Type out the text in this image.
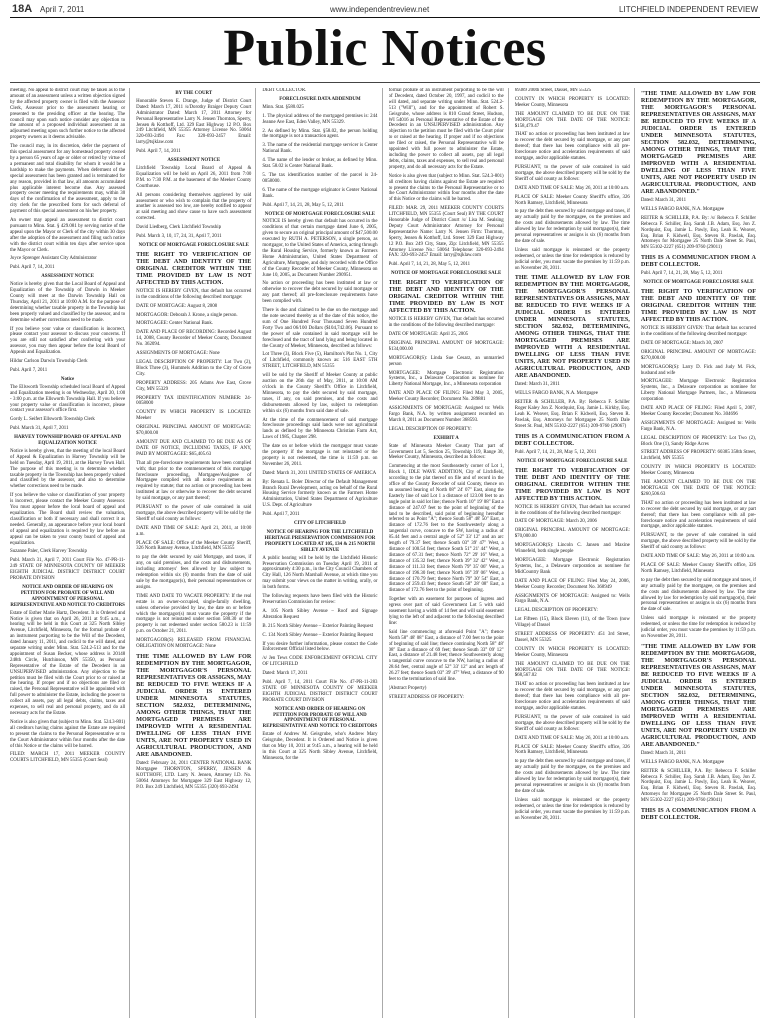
18A April 7, 2011	www.independentreview.net	LITCHFIELD INDEPENDENT REVIEW
Public Notices

meeting. No appeal to district court may be taken as to the amount of an assessment unless a written objection signed by the affected property owner is filed with the Assessor Clerk, Assessor prior to the assessment hearing or presented to the presiding officer at the hearing. The council may upon such notice consider any objection to the amount of a proposed individual assessment at an adjourned meeting upon such further notice to the affected property owners as it deems advisable.

The council may, in its discretion, defer the payment of this special assessment for any homestead property owned by a person 65 years of age or older or retired by virtue of a permanent and total disability for whom it would be a hardship to make the payments. When deferment of the special assessment has been granted and is terminated for any reason, provided in that law, all amounts accumulated plus applicable interest become due. Any assessed property owner meeting the requirements may, within 30 days of the confirmation of the assessment, apply to the city clerk for the prescribed form for such deferral of payment of this special assessment on his/her property.

An owner may appeal an assessment to district court pursuant to Minn. Stat. § 429.081 by serving notice of the appeal upon the Mayor or Clerk of the city within 30 days after the adoption of the assessment and filing such notice with the district court within ten days after service upon the Mayor or Clerk.

Joyce Sprenger Assistant City Administrator

Publ. April 7, 14, 2011

ASSESSMENT NOTICE

Notice is hereby given that the Local Board of Appeal and Equalization of the Township of Darwin in Meeker County will meet at the Darwin Township Hall on Thursday, April 21, 2011 at 10:00 A.M. for the purpose of determining whether taxable property in the Township has been properly valued and classified by the assessor, and to determine whether corrections need to be made.

If you believe your value or classification is incorrect, please contact your assessor to discuss your concerns. If you are still not satisfied after conferring with your assessor, you may then appear before the local Board of Appeals and Equalization.

Hildur Carlson Darwin Township Clerk

Publ. April 7, 2011

Notice

The Ellsworth Township scheduled local Board of Appeal and Equalization meeting is on Wednesday, April 20, 1:00 - 3:00 p.m. at the Ellsworth Township Hall. If you believe your property value or classification is incorrect, please contact your assessor's office first.

Gordy L. Seifert Ellsworth Township Clerk

Publ. March 31, April 7, 2011

HARVEY TOWNSHIP BOARD OF APPEAL AND EQUALIZATION NOTICE

Notice is hereby given, that the meeting of the local Board of Appeal & Equalization in Harvey Township will be held on Tuesday, April 19, 2011, at the Harvey Town Hall. The purpose of this meeting is to determine whether taxable property in the Township has been properly valued and classified by the assessor, and also to determine whether corrections need to be made.

If you believe the value or classification of your property is incorrect, please contact the Meeker County Assessor. You must appear before the local board of appeal and equalization. The Board shall review the valuation, classification or both if necessary and shall correct it as needed. Generally, an appearance before your local board of appeal and equalization is required by law before an appeal can be taken to your county board of appeal and equalization.

Suzanne Paler, Clerk Harvey Township

Publ. March 31, April 7, 2011 Court File No. 47-PR-11-249 STATE OF MINNESOTA COUNTY OF MEEKER EIGHTH JUDICIAL DISTRICT DISTRICT COURT PROBATE DIVISION

NOTICE AND ORDER OF HEARING ON PETITION FOR PROBATE OF WILL AND APPOINTMENT OF PERSONAL REPRESENTATIVE AND NOTICE TO CREDITORS

Estate of Esther Marie Hartz, Decedent. It is Ordered and Notice is given that on April 26, 2011 at 9:45 a.m., a hearing will be held in this Court at 325 North Sibley Avenue, Litchfield, Minnesota, for the formal probate of an instrument purporting to be the Will of the Decedent, dated January 11, 2011, and codicil to the will dated, and separate writing under Minn. Stat. 524.2-513 and for the appointment of Susan Becker, whose address is 20148 248th Circle, Hutchinson, MN 55350, as Personal Representative of the Estate of the Decedent in an UNSUPERVISED administration. Any objection to the petition must be filed with the Court prior to or raised at the hearing. If proper and if no objections are filed or raised, the Personal Representative will be appointed with full power to administer the Estate, including the power to collect all assets, pay all legal debts, claims, taxes and expenses, to sell real and personal property, and do all necessary acts for the Estate.

Notice is also given that (subject to Minn. Stat. 524.3-801) all creditors having claims against the Estate are required to present the claims to the Personal Representative or to the Court Administrator within four months after the date of this Notice or the claims will be barred.

FILED: MARCH 17, 2011 MEEKER COUNTY COURTS LITCHFIELD, MN 55355 (Court Seal)

BY THE COURT

Honorable Steven E. Drange, Judge of District Court Dated: March 17, 2011 /s/Dorothy Braiger Deputy Court Administrator Dated: March 17, 2011 Attorney for Personal Representative Larry N. Jensen Thornton, Sperry, Jensen & Kotthoff, Ltd. 329 East Highway 12 P.O. Box 249 Litchfield, MN 55355 Attorney License No. 50064 320-693-2494 Fax: 320-693-2457 Email: larry@tsjklaw.com

Publ. April 7, 14, 2011

ASSESSMENT NOTICE

Litchfield Township Local Board of Appeal & Equalization will be held on April 26, 2011 from 7:00 P.M. to 7:30 P.M. at the basement of the Meeker County Courthouse.

All persons considering themselves aggrieved by said assessment or who wish to complain that the property of another is assessed too low, are hereby notified to appear at said meeting and show cause to have such assessment corrected.

David Liedberg, Clerk Litchfield Township

Publ. March 3, 10, 17, 24, 31, April 7, 2011

NOTICE OF MORTGAGE FORECLOSURE SALE

THE RIGHT TO VERIFICATION OF THE DEBT AND IDENTITY OF THE ORIGINAL CREDITOR WITHIN THE TIME PROVIDED BY LAW IS NOT AFFECTED BY THIS ACTION.

NOTICE IS HEREBY GIVEN, that default has occurred in the conditions of the following described mortgage:

DATE OF MORTGAGE: August 8, 2008

MORTGAGOR: Deborah J. Krone, a single person.

MORTGAGEE: Center National Bank.

DATE AND PLACE OF RECORDING: Recorded August 14, 2008, County Recorder of Meeker County, Document No. 362094.

ASSIGNMENTS OF MORTGAGE: None

LEGAL DESCRIPTION OF PROPERTY: Lot Two (2), Block Three (3), Hummels Addition to the City of Grove City.

PROPERTY ADDRESS: 205 Adams Ave East, Grove City, MN 55329

PROPERTY TAX IDENTIFICATION NUMBER: 24-0058000

COUNTY IN WHICH PROPERTY IS LOCATED: Meeker

ORIGINAL PRINCIPAL AMOUNT OF MORTGAGE: $70,000.00

AMOUNT DUE AND CLAIMED TO BE DUE AS OF DATE OF NOTICE, INCLUDING TAXES, IF ANY, PAID BY MORTGAGEE: $65,405.63

That all pre-foreclosure requirements have been complied with; that prior to the commencement of this mortgage foreclosure proceeding, Mortgagee/Assignee of Mortgagee complied with all notice requirements as required by statute; that no action or proceeding has been instituted at law or otherwise to recover the debt secured by said mortgage, or any part thereof;

PURSUANT to the power of sale contained in said mortgage, the above described property will be sold by the Sheriff of said county as follows:

DATE AND TIME OF SALE: April 21, 2011, at 10:00 a.m.

PLACE OF SALE: Office of the Meeker County Sheriff, 326 North Ramsey Avenue, Litchfield, MN 55355

to pay the debt secured by said Mortgage, and taxes, if any, on said premises, and the costs and disbursements, including attorneys' fees allowed by law subject to redemption within six (6) months from the date of said sale by the mortgagor(s), their personal representatives or assigns.

TIME AND DATE TO VACATE PROPERTY: If the real estate is an owner-occupied, single-family dwelling, unless otherwise provided by law, the date on or before which the mortgagor(s) must vacate the property if the mortgage is not reinstated under section 580.30 or the property is not redeemed under section 580.23 is 11:59 p.m. on October 21, 2011.

MORTGAGOR(S) RELEASED FROM FINANCIAL OBLIGATION ON MORTGAGE: None

THE TIME ALLOWED BY LAW FOR REDEMPTION BY THE MORTGAGOR, THE MORTGAGOR'S PERSONAL REPRESENTATIVES OR ASSIGNS, MAY BE REDUCED TO FIVE WEEKS IF A JUDICIAL ORDER IS ENTERED UNDER MINNESOTA STATUTES, SECTION 582.032, DETERMINING, AMONG OTHER THINGS, THAT THE MORTGAGED PREMISES ARE IMPROVED WITH A RESIDENTIAL DWELLING OF LESS THAN FIVE UNITS, ARE NOT PROPERTY USED IN AGRICULTURAL PRODUCTION, AND ARE ABANDONED.

Dated: February 24, 2011 CENTER NATIONAL BANK Mortgagee THORNTON, SPERRY, JENSEN & KOTTHOFF, LTD. Larry N. Jensen, Attorney I.D. No. 50064 Attorneys for Mortgagee 329 East Highway 12, P.O. Box 249 Litchfield, MN 55355 (320) 693-2494

DEBT COLLECTOR.

FORECLOSURE DATA ADDENDUM

Minn. Stat. §580.025

1. The physical address of the mortgaged premises is: 244 Jeanne Ave East, Eden Valley, MN 55329.

2. As defined by Minn. Stat. §58.02, the person holding the mortgage is not a transaction agent.

3. The name of the residential mortgage servicer is Center National Bank.

4. The name of the lender or broker, as defined by Minn. Stat. 58.02 is Center National Bank.

5. The tax identification number of the parcel is 24-0058000.

6. The name of the mortgage originator is Center National Bank.

Publ. April 7, 14, 21, 28, May 5, 12, 2011

NOTICE OF MORTGAGE FORECLOSURE SALE

NOTICE IS hereby given that default has occurred in the conditions of that certain mortgage dated June 6, 2005, given to secure an original principal amount of $47,500.00 executed by RUTH A. PETERSON, a single person, as mortgagor, to the United States of America, acting through the Rural Housing Service, formerly known as Farmers Home Administration, United States Department of Agriculture, Mortgagee, and duly recorded with the Office of the County Recorder of Meeker County, Minnesota on June 10, 2005, as Document Number 290951.

No action or proceeding has been instituted at law or otherwise to recover the debt secured by said mortgage or any part thereof; all pre-foreclosure requirements have been complied with.

There is due and claimed to be due on the mortgage and the note secured thereby as of the date of this notice, the sum of One Hundred Four Thousand Seven Hundred Forty Two and 06/100 Dollars ($104,742.06). Pursuant to the power of sale contained in said mortgage will be foreclosed and the tract of land lying and being located in the County of Meeker, Minnesota, described as follows:

Lot Three (3), Block Five (5), Hamilton's Plat No. 1, City of Litchfield, commonly known as: 516 EAST 5TH STREET, LITCHFIELD, MN 55355

will be sold by the Sheriff of Meeker County at public auction on the 26th day of May, 2011, at 10:00 AM o'clock in the County Sheriff's Office in Litchfield, Minnesota, to pay the debt secured by said mortgage, taxes, if any, on said premises, and the costs and disbursements allowed by law, subject to redemption within six (6) months from said date of sale.

At the time of the commencement of said mortgage foreclosure proceedings said lands were not agricultural lands as defined by the Minnesota Christian Farm Act, Laws of 1985, Chapter 298.

The date on or before which the mortgagor must vacate the property if the mortgage is not reinstated or the property is not redeemed, the time is 11:59 p.m. on November 26, 2011.

Dated: March 31, 2011 UNITED STATES OF AMERICA

By: Renata L. Boler Director of the Default Management Branch Rural Development, acting on behalf of the Rural Housing Service formerly known as the Farmers Home Administration, United States Department of Agriculture U.S. Dept. of Agriculture

Publ. April 7, 2011

CITY OF LITCHFIELD
NOTICE OF HEARING FOR THE LITCHFIELD HERITAGE PRESERVATION COMMISSION FOR PROPERTY LOCATED AT 105, 134 & 215 NORTH SIBLEY AVENUE

A public hearing will be held by the Litchfield Historic Preservation Commission on Tuesday April 19, 2011 at approximately 4:30 p.m., in the City Council Chambers of City Hall, 126 North Marshall Avenue, at which time you may submit your views on the matter in writing, orally, or in both forms.

The following requests have been filed with the Historic Preservation Commission for review:

A. 105 North Sibley Avenue – Roof and Signage Alteration Request

B. 215 North Sibley Avenue – Exterior Painting Request

C. 134 North Sibley Avenue – Exterior Painting Request

If you desire further information, please contact the Code Enforcement Official listed below.

/s/ Jen Tews CODE ENFORCEMENT OFFICIAL CITY OF LITCHFIELD

Dated: March 17, 2011

Publ. April 7, 14, 2011 Court File No. 47-PR-11-283 STATE OF MINNESOTA COUNTY OF MEEKER EIGHTH JUDICIAL DISTRICT DISTRICT COURT PROBATE COURT DIVISION

NOTICE AND ORDER OF HEARING ON PETITION FOR PROBATE OF WILL AND APPOINTMENT OF PERSONAL REPRESENTATIVE AND NOTICE TO CREDITORS

Estate of Andrew M. Geisgrube, who's Andrew Mary Geisgrube, Decedent. It is Ordered and Notice is given that on May 10, 2011 at 9:45 a.m., a hearing will be held in this Court at 325 North Sibley Avenue, Litchfield, Minnesota, for the

formal probate of an instrument purporting to be the will of Decedent, dated October 20, 1997, and codicil to the will dated, and separate writing under Minn. Stat. 524.2-513 ("Will"), and for the appointment of Robert S. Geisgrube, whose address is 810 Grand Street, Hudson, WI 54016 as Personal Representative of the Estate of the Decedent in an UNSUPERVISED administration. Any objection to the petition must be filed with the Court prior to or raised at the hearing. If proper and if no objections are filed or raised, the Personal Representative will be appointed with full power to administer the Estate, including the power to collect all assets, pay all legal debts, claims, taxes and expenses, to sell real and personal property, and do all necessary acts for the Estate.

Notice is also given that (subject to Minn. Stat. 524.3-801) all creditors having claims against the Estate are required to present the claims to the Personal Representative or to the Court Administrator within four months after the date of this Notice or the claims will be barred.

FILED: MAR. 29, 2011 MEEKER COUNTY COURTS LITCHFIELD, MN 55355 (Court Seal) BY THE COURT Honorable Judge of District Court /s/ Lisa M. Sealsing Deputy Court Administrator Attorney for Personal Representative Name: Larry N. Jensen Firm: Thornton, Sperry, Jensen & Kotthoff, Ltd. Street: 329 East Highway 12 P.O. Box 249 City, State, Zip: Litchfield, MN 55355 Attorney License No.: 50064 Telephone: 320-693-2494 FAX: 320-693-2457 Email: larry@tsjklaw.com

Publ. April 7, 14, 21, 28, May 5, 12, 2011

NOTICE OF MORTGAGE FORECLOSURE SALE

THE RIGHT TO VERIFICATION OF THE DEBT AND IDENTITY OF THE ORIGINAL CREDITOR WITHIN THE TIME PROVIDED BY LAW IS NOT AFFECTED BY THIS ACTION.

NOTICE IS HEREBY GIVEN, That default has occurred in the conditions of the following described mortgage:

DATE OF MORTGAGE: April 25, 2005

ORIGINAL PRINCIPAL AMOUNT OF MORTGAGE: $134,000.00

MORTGAGOR(S): Linda Sue Cesarz, an unmarried person

MORTGAGEE: Mortgage Electronic Registration Systems, Inc., a Delaware Corporation as nominee for Liberty National Mortgage, Inc., a Minnesota corporation

DATE AND PLACE OF FILING: Filed May 3, 2005, Meeker County Recorder; Document No. 289881

ASSIGNMENTS OF MORTGAGE: Assigned to: Wells Fargo Bank, N.A. by written assignment recorded on March 8, 2011 as Document Number 368593.

LEGAL DESCRIPTION OF PROPERTY:

EXHIBIT A

State of Minnesota Meeker County That part of Government Lot 5, Section 25, Township 119, Range 30, Meeker County, Minnesota, described as follows:

Commencing at the most Southeasterly corner of Lot 1, Block 1, IDLE WAVE ADDITION, City of Litchfield, according to the plat thereof on file and of record in the office of the County Recorder of said County, thence on an assumed bearing of North 08° 24' 07" East, along the Easterly line of said Lot 1 a distance of 123.00 feet to an angle point in said lot line; thence North 10° 19' 08" East a distance of 247.07 feet to the point of beginning of the land to be described, said point of beginning hereafter referred to as Point "A"; thence South 58° 48' 50" East, a distance of 172.76 feet to the Southwesterly along a tangential curve, concave to the SW, having a radius of 85.44 feet and a central angle of 52° 33' 12" and an arc length of 79.37 feet; thence South 03° 39' 47" West, a distance of 100.54 feet; thence South 51° 21' 44" West, a distance of 67.31 feet; thence North 72° 29' 16" West, a distance of 135.32 feet; thence North 39° 32' 42" West, a distance of 111.33 feet; thence North 79° 35' 06" West, a distance of 196.30 feet; thence North 16° 39' 06" West, a distance of 170.79 feet; thence North 79° 30' 54" East, a distance of 259.43 feet; thence South 58° 28' 08" East, a distance of 172.76 feet to the point of beginning.

Together with an easement for purposes of ingress and egress over part of said Government Lot 5 with said easement having a width of 14 feet and will said easement lying to the left of and adjacent to the following described line:

Said line commencing at aforesaid Point "A"; thence North 58° 48' 08" East, a distance of 7.00 feet to the point of beginning of said line; thence continuing North 58° 48' 08" East a distance of 69 feet; thence South 33° 09' 12" East, a distance of 21.48 feet; thence Southwesterly along a tangential curve concave to the NW, having a radius of 28.64 feet, central angle of 52° 33' 12" and arc length of 26.27 feet; thence South 03° 39' 47" West, a distance of 90 feet to the termination of said line.

(Abstract Property)

STREET ADDRESS OF PROPERTY:

69389 200th Street, Dassel, MN 55325

COUNTY IN WHICH PROPERTY IS LOCATED: Meeker County, Minnesota

THE AMOUNT CLAIMED TO BE DUE ON THE MORTGAGE ON THE DATE OF THE NOTICE: $158,479.47

THAT no action or proceeding has been instituted at law to recover the debt secured by said mortgage, or any part thereof; that there has been compliance with all pre-foreclosure notice and acceleration requirements of said mortgage, and/or applicable statutes.

PURSUANT, to the power of sale contained in said mortgage, the above described property will be sold by the Sheriff of said county as follows:

DATE AND TIME OF SALE: May 26, 2011 at 10:00 a.m.

PLACE OF SALE: Meeker County Sheriff's office, 326 North Ramsey, Litchfield, Minnesota

to pay the debt then secured by said mortgage and taxes, if any actually paid by the mortgagee, on the premises and the costs and disbursements allowed by law. The time allowed by law for redemption by said mortgagor(s), their personal representatives or assigns is six (6) months from the date of sale.

Unless said mortgage is reinstated or the property redeemed, or unless the time for redemption is reduced by judicial order, you must vacate the premises by 11:59 p.m. on November 28, 2011.

THE TIME ALLOWED BY LAW FOR REDEMPTION BY THE MORTGAGOR, THE MORTGAGOR'S PERSONAL REPRESENTATIVES OR ASSIGNS, MAY BE REDUCED TO FIVE WEEKS IF A JUDICIAL ORDER IS ENTERED UNDER MINNESOTA STATUTES, SECTION 582.032, DETERMINING, AMONG OTHER THINGS, THAT THE MORTGAGED PREMISES ARE IMPROVED WITH A RESIDENTIAL DWELLING OF LESS THAN FIVE UNITS, ARE NOT PROPERTY USED IN AGRICULTURAL PRODUCTION, AND ARE ABANDONED.

Dated: March 31, 2011

WELLS FARGO BANK, N.A. Mortgagee

REITER & SCHILLER, P.A. By: Rebecca F. Schiller Roger Kaley Jon Z. Nordquist, Esq. Jamie L. Kirkby, Esq. Leah K. Weaver, Esq. Brian F. Kidwell, Esq. Steven R. Pawlak, Esq. Attorneys for Mortgagee 25 North Dale Street St. Paul, MN 55102-2227 (651) 209-9760 (29067)

THIS IS A COMMUNICATION FROM A DEBT COLLECTOR.

Publ. April 7, 14, 21, 28, May 5, 12, 2011

NOTICE OF MORTGAGE FORECLOSURE SALE

THE RIGHT TO VERIFICATION OF THE DEBT AND IDENTITY OF THE ORIGINAL CREDITOR WITHIN THE TIME PROVIDED BY LAW IS NOT AFFECTED BY THIS ACTION.

NOTICE IS HEREBY GIVEN, That default has occurred in the conditions of the following described mortgage:

DATE OF MORTGAGE: March 20, 2006

ORIGINAL PRINCIPAL AMOUNT OF MORTGAGE: $70,000.00

MORTGAGOR(S): Lincoln C. Jansen and Maxine Winnefeld, both single people

MORTGAGEE: Mortgage Electronic Registration Systems, Inc., a Delaware corporation as nominee for MidCountry Bank

DATE AND PLACE OF FILING: Filed May 24, 2006, Meeker County Recorder; Document No. 368949

ASSIGNMENTS OF MORTGAGE: Assigned to: Wells Fargo Bank, N.A.

LEGAL DESCRIPTION OF PROPERTY:

Lot Fifteen (15), Block Eleven (11), of the Town (now Village) of Dassel

STREET ADDRESS OF PROPERTY: 451 3rd Street, Dassel, MN 55325

COUNTY IN WHICH PROPERTY IS LOCATED: Meeker County, Minnesota

THE AMOUNT CLAIMED TO BE DUE ON THE MORTGAGE ON THE DATE OF THE NOTICE: $68,567.02

THAT no action or proceeding has been instituted at law to recover the debt secured by said mortgage, or any part thereof; that there has been compliance with all pre-foreclosure notice and acceleration requirements of said mortgage, and/or applicable statutes.

PURSUANT, to the power of sale contained in said mortgage, the above described property will be sold by the Sheriff of said county as follows:

DATE AND TIME OF SALE: May 26, 2011 at 10:00 a.m.

PLACE OF SALE: Meeker County Sheriff's office, 326 North Ramsey, Litchfield, Minnesota

to pay the debt then secured by said mortgage and taxes, if any actually paid by the mortgagee, on the premises and the costs and disbursements allowed by law. The time allowed by law for redemption by said mortgagor(s), their personal representatives or assigns is six (6) months from the date of sale.

Unless said mortgage is reinstated or the property redeemed, or unless the time for redemption is reduced by judicial order, you must vacate the premises by 11:59 p.m. on November 28, 2011.

"THE TIME ALLOWED BY LAW FOR REDEMPTION BY THE MORTGAGOR, THE MORTGAGOR'S PERSONAL REPRESENTATIVES OR ASSIGNS, MAY BE REDUCED TO FIVE WEEKS IF A JUDICIAL ORDER IS ENTERED UNDER MINNESOTA STATUTES, SECTION 582.032, DETERMINING, AMONG OTHER THINGS, THAT THE MORTGAGED PREMISES ARE IMPROVED WITH A RESIDENTIAL DWELLING OF LESS THAN FIVE UNITS, ARE NOT PROPERTY USED IN AGRICULTURAL PRODUCTION, AND ARE ABANDONED."

Dated: March 31, 2011

WELLS FARGO BANK, N.A. Mortgagee

REITER & SCHILLER, P.A. By: /s/ Rebecca F. Schiller Rebecca F. Schiller, Esq. Sarah J.B. Adam, Esq. Jon Z. Nordquist, Esq. Jamie L. Pawly, Esq. Leah K. Weaver, Esq. Brian F. Kidwell, Esq. Steven R. Pawlak, Esq. Attorneys for Mortgagee 25 North Dale Street St. Paul, MN 55102-2227 (651) 209-9760 (29011)

THIS IS A COMMUNICATION FROM A DEBT COLLECTOR.

Publ. April 7, 14, 21, 28, May 5, 12, 2011

NOTICE OF MORTGAGE FORECLOSURE SALE

THE RIGHT TO VERIFICATION OF THE DEBT AND IDENTITY OF THE ORIGINAL CREDITOR WITHIN THE TIME PROVIDED BY LAW IS NOT AFFECTED BY THIS ACTION.

NOTICE IS HEREBY GIVEN: That default has occurred in the conditions of the following described mortgage:

DATE OF MORTGAGE: March 30, 2007

ORIGINAL PRINCIPAL AMOUNT OF MORTGAGE: $270,000.00

MORTGAGOR(S): Larry D. Fick and Judy M. Fick, husband and wife

MORTGAGEE: Mortgage Electronic Registration Systems, Inc., a Delaware corporation as nominee for Liberty National Mortgage Partners, Inc., a Minnesota corporation

DATE AND PLACE OF FILING: Filed April 5, 2007, Meeker County Recorder; Document No. 304696

ASSIGNMENTS OF MORTGAGE: Assigned to: Wells Fargo Bank, N.A.

LEGAL DESCRIPTION OF PROPERTY: Lot Two (2), Block One (1), Sandy Ridge Acres

STREET ADDRESS OF PROPERTY: 60385 358th Street, Litchfield, MN 55355

COUNTY IN WHICH PROPERTY IS LOCATED: Meeker County, Minnesota

THE AMOUNT CLAIMED TO BE DUE ON THE MORTGAGE ON THE DATE OF THE NOTICE: $260,506.63

THAT no action or proceeding has been instituted at law to recover the debt secured by said mortgage, or any part thereof; that there has been compliance with all pre-foreclosure notice and acceleration requirements of said mortgage, and/or applicable statutes.

PURSUANT, to the power of sale contained in said mortgage, the above described property will be sold by the Sheriff of said county as follows:

DATE AND TIME OF SALE: May 26, 2011 at 10:00 a.m.

PLACE OF SALE: Meeker County Sheriff's office, 326 North Ramsey, Litchfield, Minnesota

to pay the debt then secured by said mortgage and taxes, if any actually paid by the mortgagee, on the premises and the costs and disbursements allowed by law. The time allowed by law for redemption by said mortgagor(s), their personal representatives or assigns is six (6) months from the date of sale.

Unless said mortgage is reinstated or the property redeemed, or unless the time for redemption is reduced by judicial order, you must vacate the premises by 11:59 p.m. on November 28, 2011.

"THE TIME ALLOWED BY LAW FOR REDEMPTION BY THE MORTGAGOR, THE MORTGAGOR'S PERSONAL REPRESENTATIVES OR ASSIGNS, MAY BE REDUCED TO FIVE WEEKS IF A JUDICIAL ORDER IS ENTERED UNDER MINNESOTA STATUTES, SECTION 582.032, DETERMINING, AMONG OTHER THINGS, THAT THE MORTGAGED PREMISES ARE IMPROVED WITH A RESIDENTIAL DWELLING OF LESS THAN FIVE UNITS, ARE NOT PROPERTY USED IN AGRICULTURAL PRODUCTION, AND ARE ABANDONED."

Dated: March 31, 2011

WELLS FARGO BANK, N.A. Mortgagee

REITER & SCHILLER, P.A. By: Rebecca F. Schiller Rebecca F. Schiller, Esq. Sarah J.B. Adam, Esq. Jon Z. Nordquist, Esq. Jamie L. Pawly, Esq. Leah K. Weaver, Esq. Brian F. Kidwell, Esq. Steven R. Pawlak, Esq. Attorneys for Mortgagee 25 North Dale Street St. Paul, MN 55102-2227 (651) 209-9760 (29041)

THIS IS A COMMUNICATION FROM A DEBT COLLECTOR.
